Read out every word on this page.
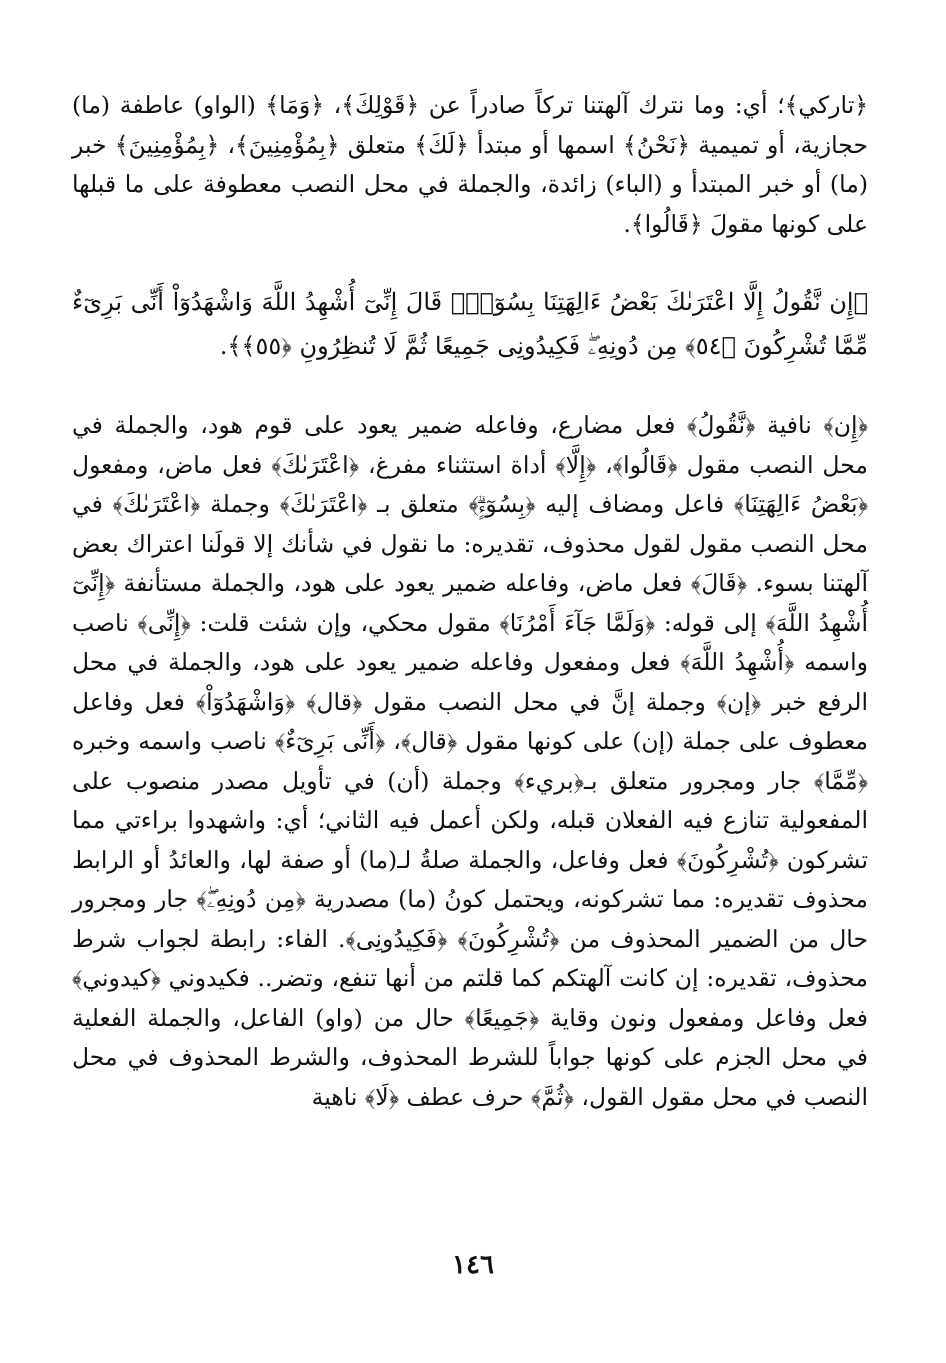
﴿تاركي﴾؛ أي: وما نترك آلهتنا تركاً صادراً عن ﴿قَوْلِكَ﴾، ﴿وَمَا﴾ (الواو) عاطفة (ما) حجازية، أو تميمية ﴿نَحْنُ﴾ اسمها أو مبتدأ ﴿لَكَ﴾ متعلق ﴿بِمُؤْمِنِينَ﴾، ﴿بِمُؤْمِنِينَ﴾ خبر (ما) أو خبر المبتدأ و (الباء) زائدة، والجملة في محل النصب معطوفة على ما قبلها على كونها مقولَ ﴿قَالُوا﴾.

﴿إِن نَّقُولُ إِلَّا اعْتَرَىٰكَ بَعْضُ ءَالِهَتِنَا بِسُوٓءٍۗ قَالَ إِنِّىٓ أُشْهِدُ اللَّهَ وَاشْهَدُوٓاْ أَنِّى بَرِىٓءٌ مِّمَّا تُشْرِكُونَ ﴿٥٤﴾ مِن دُونِهِۦۖ فَكِيدُونِى جَمِيعًا ثُمَّ لَا تُنظِرُونِ ﴿٥٥﴾﴾.

﴿إِن﴾ نافية ﴿نَّقُولُ﴾ فعل مضارع، وفاعله ضمير يعود على قوم هود، والجملة في محل النصب مقول ﴿قَالُوا﴾، ﴿إِلَّا﴾ أداة استثناء مفرغ، ﴿اعْتَرَىٰكَ﴾ فعل ماض، ومفعول ﴿بَعْضُ ءَالِهَتِنَا﴾ فاعل ومضاف إليه ﴿بِسُوٓءٍۗ﴾ متعلق بـ ﴿اعْتَرَىٰكَ﴾ وجملة ﴿اعْتَرَىٰكَ﴾ في محل النصب مقول لقول محذوف، تقديره: ما نقول في شأنك إلا قولَنا اعتراك بعض آلهتنا بسوء. ﴿قَالَ﴾ فعل ماض، وفاعله ضمير يعود على هود، والجملة مستأنفة ﴿إِنِّىٓ أُشْهِدُ اللَّهَ﴾ إلى قوله: ﴿وَلَمَّا جَآءَ أَمْرُنَا﴾ مقول محكي، وإن شئت قلت: ﴿إِنِّى﴾ ناصب واسمه ﴿أُشْهِدُ اللَّهَ﴾ فعل ومفعول وفاعله ضمير يعود على هود، والجملة في محل الرفع خبر ﴿إن﴾ وجملة إنَّ في محل النصب مقول ﴿قال﴾ ﴿وَاشْهَدُوٓاْ﴾ فعل وفاعل معطوف على جملة (إن) على كونها مقول ﴿قال﴾، ﴿أَنِّى بَرِىٓءٌ﴾ ناصب واسمه وخبره ﴿مِّمَّا﴾ جار ومجرور متعلق بـ﴿بريء﴾ وجملة (أن) في تأويل مصدر منصوب على المفعولية تنازع فيه الفعلان قبله، ولكن أعمل فيه الثاني؛ أي: واشهدوا براءتي مما تشركون ﴿تُشْرِكُونَ﴾ فعل وفاعل، والجملة صلةُ لـ(ما) أو صفة لها، والعائدُ أو الرابط محذوف تقديره: مما تشركونه، ويحتمل كونُ (ما) مصدرية ﴿مِن دُونِهِۦۖ﴾ جار ومجرور حال من الضمير المحذوف من ﴿تُشْرِكُونَ﴾ ﴿فَكِيدُونِى﴾. الفاء: رابطة لجواب شرط محذوف، تقديره: إن كانت آلهتكم كما قلتم من أنها تنفع، وتضر.. فكيدوني ﴿كيدوني﴾ فعل وفاعل ومفعول ونون وقاية ﴿جَمِيعًا﴾ حال من (واو) الفاعل، والجملة الفعلية في محل الجزم على كونها جواباً للشرط المحذوف، والشرط المحذوف في محل النصب في محل مقول القول، ﴿ثُمَّ﴾ حرف عطف ﴿لَا﴾ ناهية

١٤٦
